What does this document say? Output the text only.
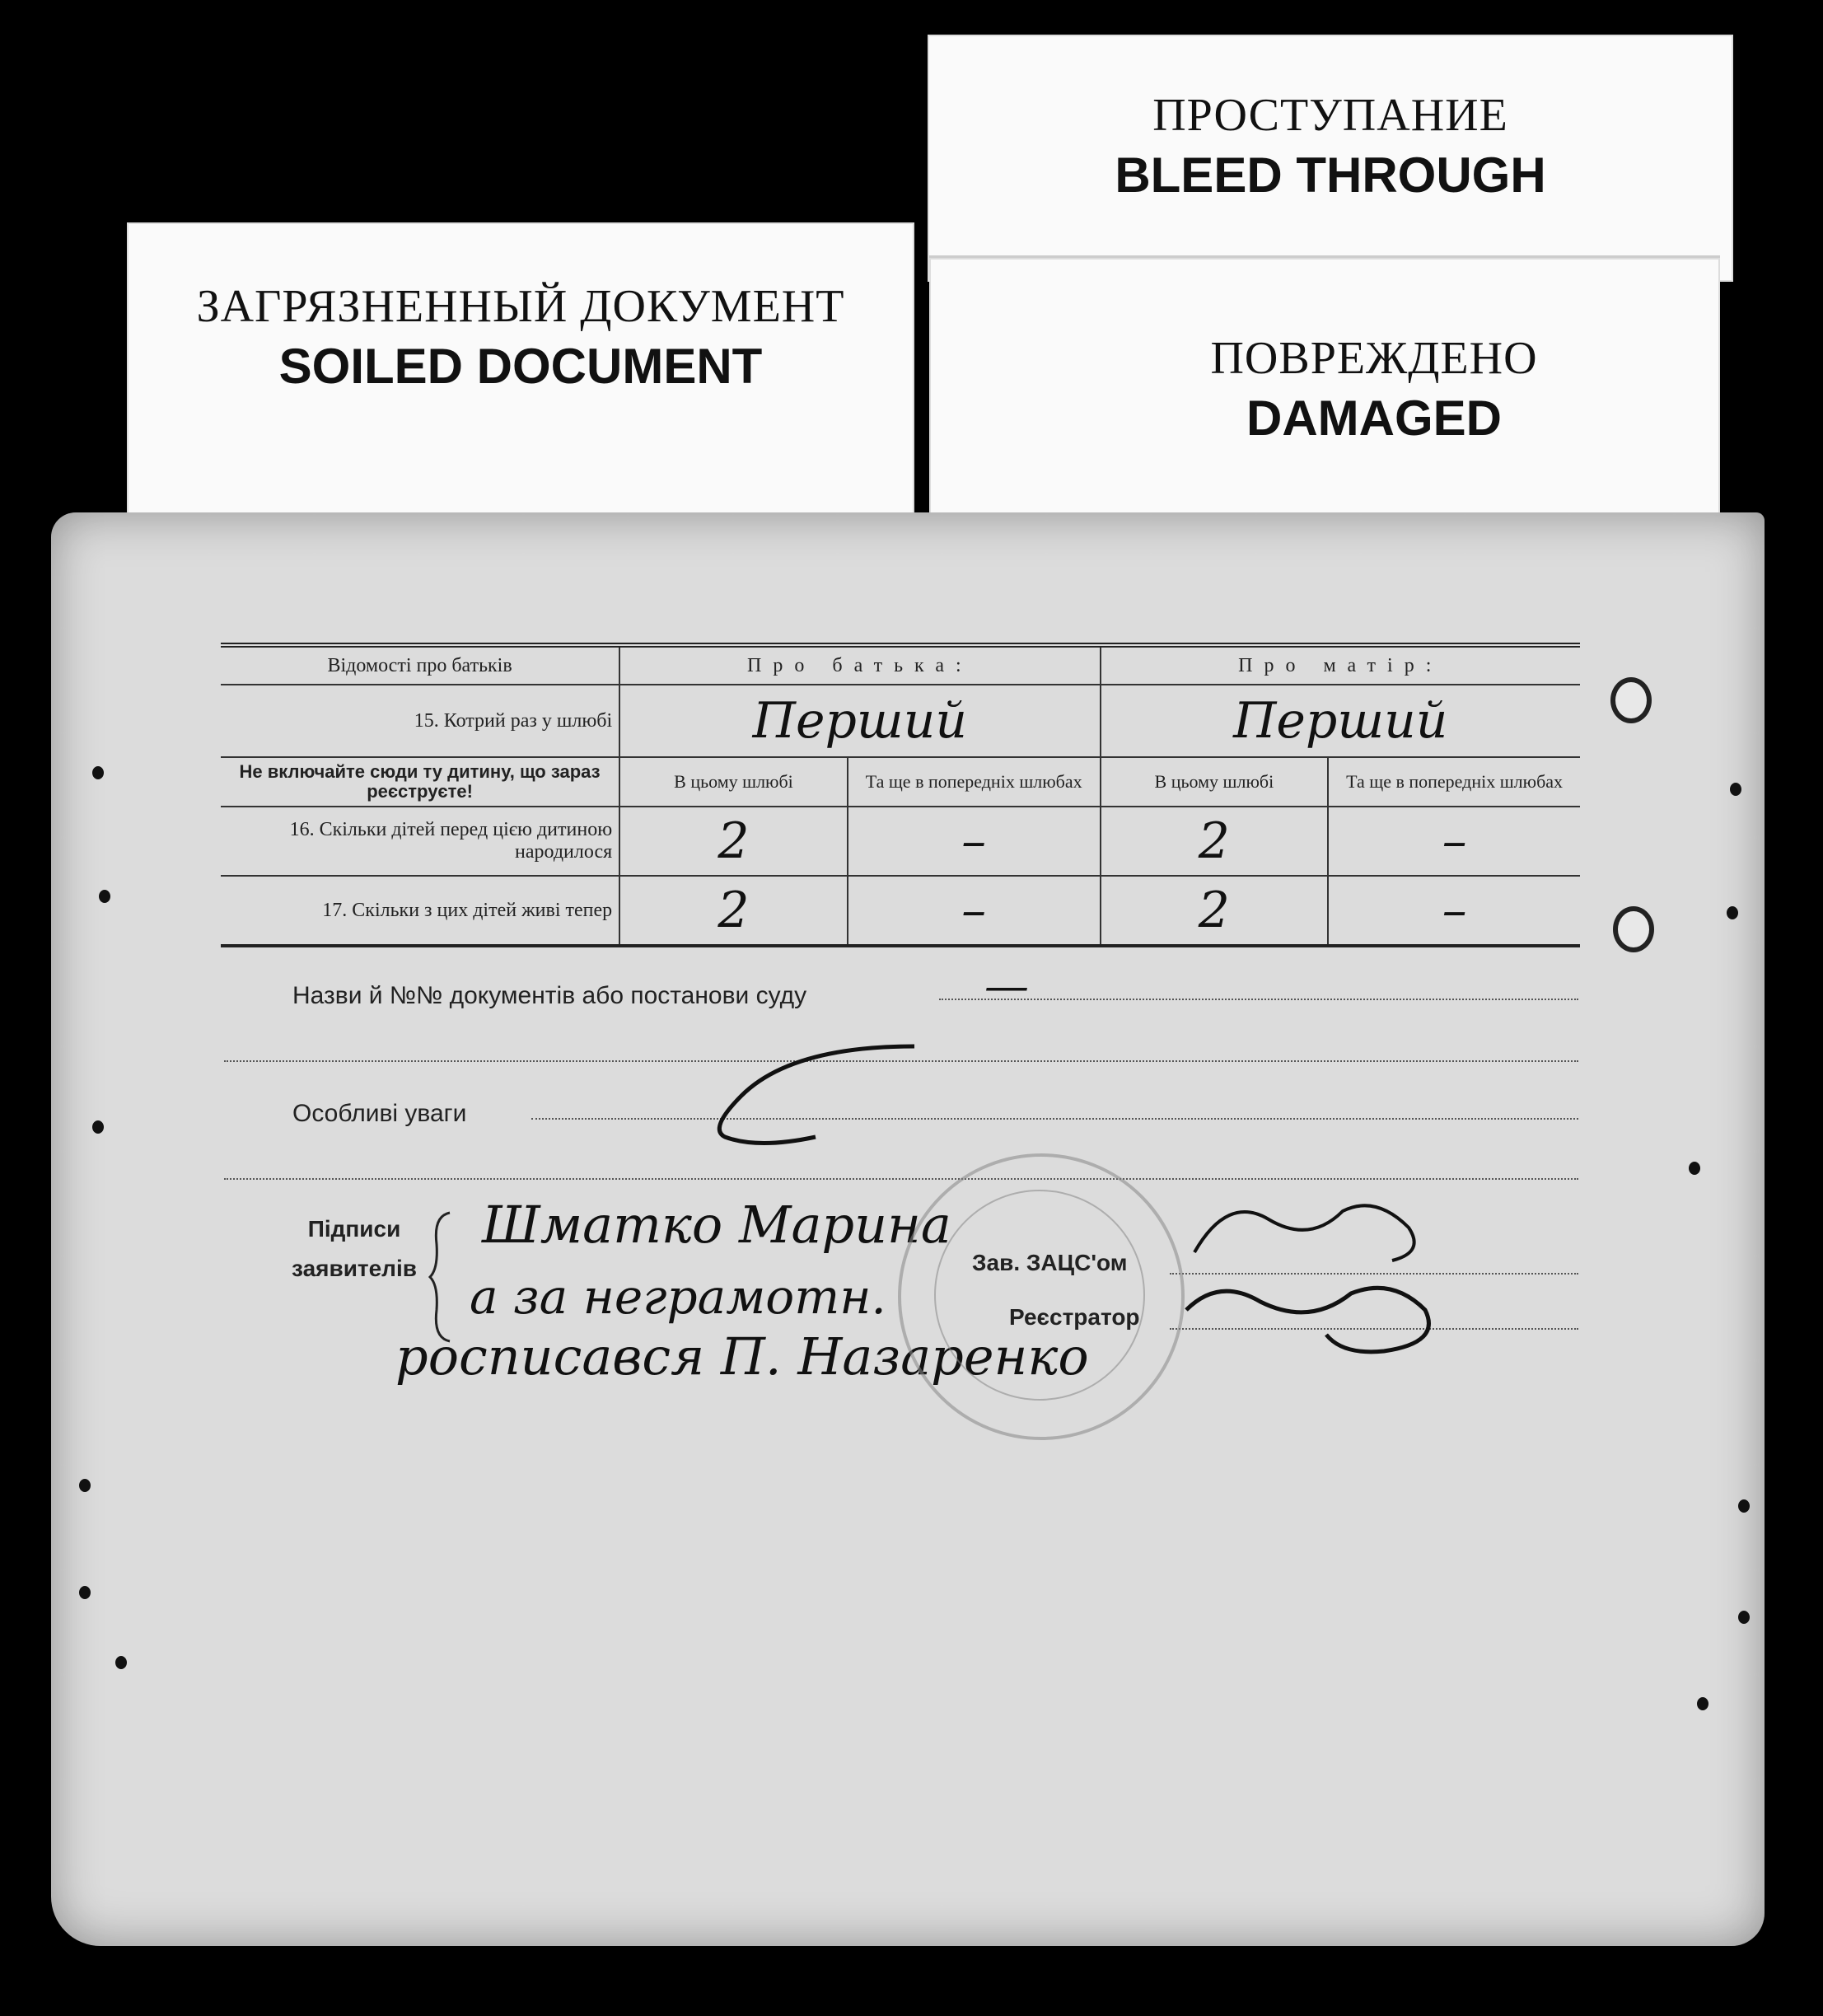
ЗАГРЯЗНЕННЫЙ ДОКУМЕНТ
SOILED DOCUMENT
ПРОСТУПАНИЕ
BLEED THROUGH
ПОВРЕЖДЕНО
DAMAGED
Відомості про батьків	Про батька:		Про матір:	
15. Котрий раз у шлюбі	Перший		Перший	
Не включайте сюди ту дитину, що зараз реєструєте!	В цьому шлюбі	Та ще в попередніх шлюбах	В цьому шлюбі	Та ще в попередніх шлюбах
16. Скільки дітей перед цією дитиною народилося	2	–	2	–
17. Скільки з цих дітей живі тепер	2	–	2	–
Назви й №№ документів або постанови суду	—
Особливі уваги
Підписи заявителів
Шматко Марина
а за неграмотн.
росписався П. Назаренко
Зав. ЗАЦС'ом
Реєстратор
